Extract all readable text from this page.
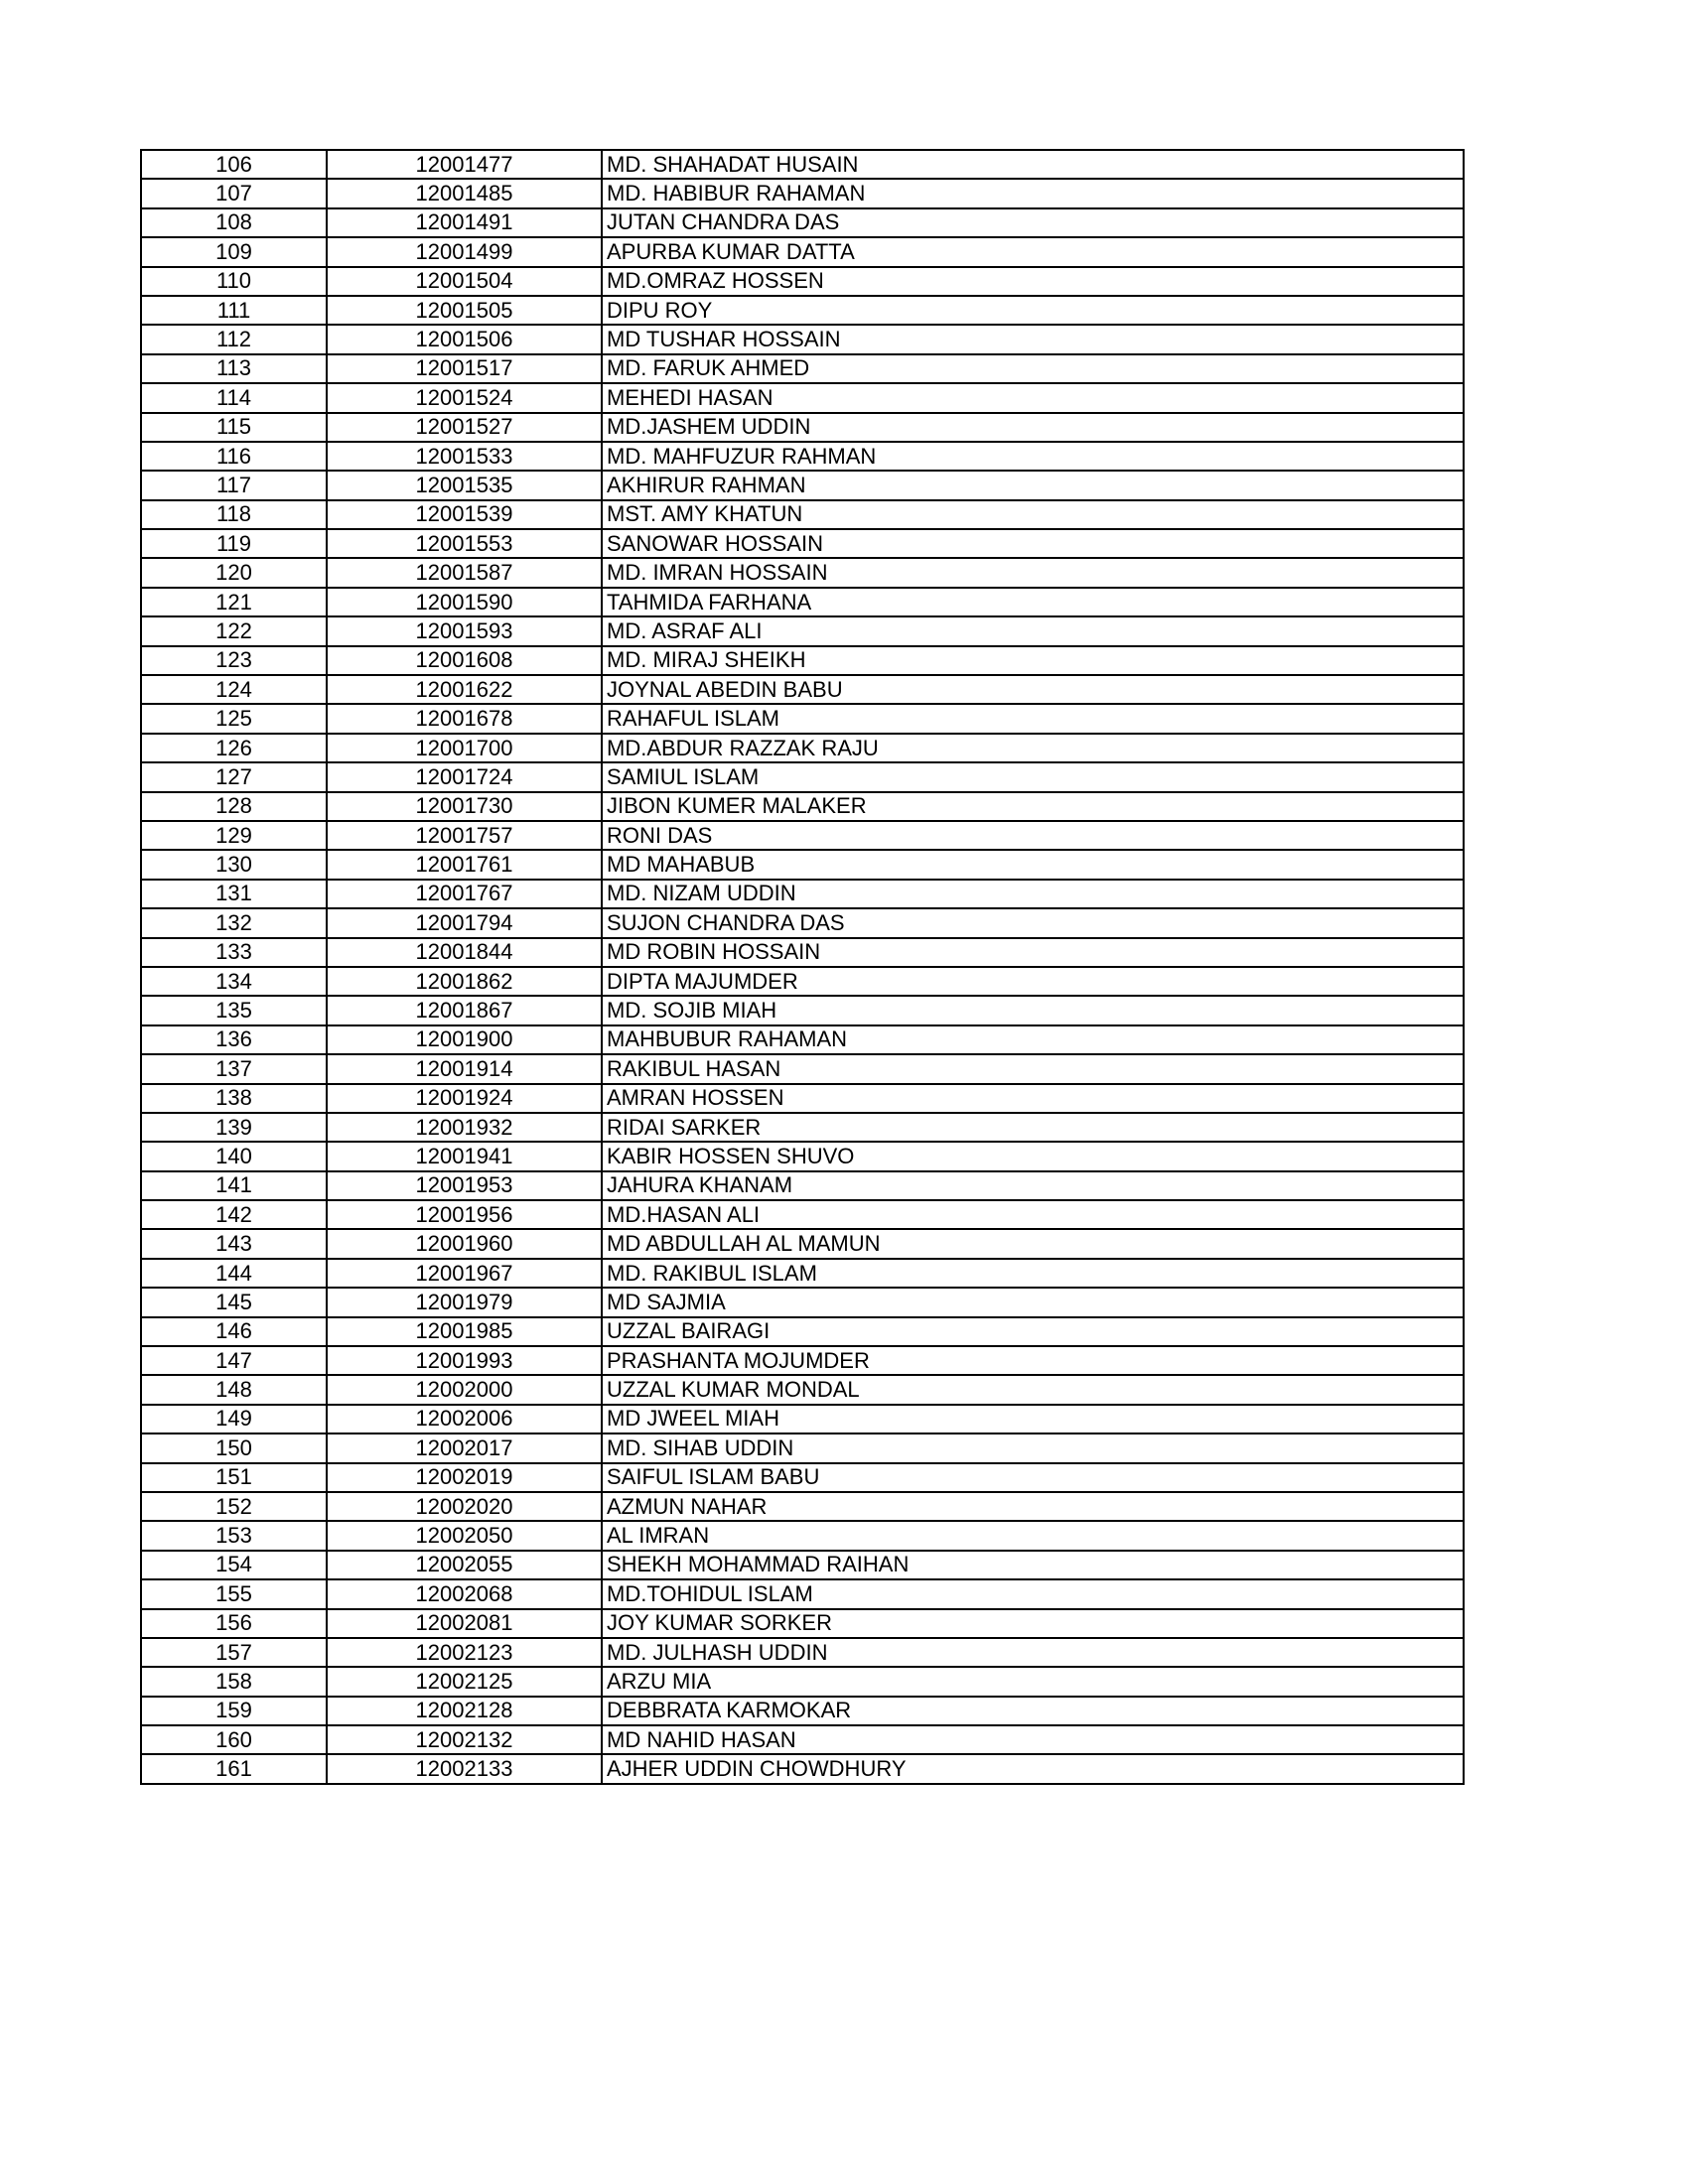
106	12001477	MD. SHAHADAT HUSAIN
107	12001485	MD. HABIBUR RAHAMAN
108	12001491	JUTAN CHANDRA DAS
109	12001499	APURBA KUMAR DATTA
110	12001504	MD.OMRAZ HOSSEN
111	12001505	DIPU ROY
112	12001506	MD TUSHAR HOSSAIN
113	12001517	MD. FARUK AHMED
114	12001524	MEHEDI HASAN
115	12001527	MD.JASHEM UDDIN
116	12001533	MD. MAHFUZUR RAHMAN
117	12001535	AKHIRUR RAHMAN
118	12001539	MST. AMY KHATUN
119	12001553	SANOWAR HOSSAIN
120	12001587	MD. IMRAN HOSSAIN
121	12001590	TAHMIDA FARHANA
122	12001593	MD. ASRAF ALI
123	12001608	MD. MIRAJ SHEIKH
124	12001622	JOYNAL ABEDIN BABU
125	12001678	RAHAFUL ISLAM
126	12001700	MD.ABDUR RAZZAK RAJU
127	12001724	SAMIUL ISLAM
128	12001730	JIBON KUMER MALAKER
129	12001757	RONI DAS
130	12001761	MD MAHABUB
131	12001767	MD. NIZAM UDDIN
132	12001794	SUJON CHANDRA DAS
133	12001844	MD ROBIN HOSSAIN
134	12001862	DIPTA MAJUMDER
135	12001867	MD. SOJIB MIAH
136	12001900	MAHBUBUR RAHAMAN
137	12001914	RAKIBUL HASAN
138	12001924	AMRAN HOSSEN
139	12001932	RIDAI SARKER
140	12001941	KABIR HOSSEN SHUVO
141	12001953	JAHURA KHANAM
142	12001956	MD.HASAN ALI
143	12001960	MD ABDULLAH AL MAMUN
144	12001967	MD. RAKIBUL ISLAM
145	12001979	MD SAJMIA
146	12001985	UZZAL BAIRAGI
147	12001993	PRASHANTA MOJUMDER
148	12002000	UZZAL KUMAR MONDAL
149	12002006	MD JWEEL MIAH
150	12002017	MD. SIHAB UDDIN
151	12002019	SAIFUL ISLAM BABU
152	12002020	AZMUN NAHAR
153	12002050	AL IMRAN
154	12002055	SHEKH MOHAMMAD RAIHAN
155	12002068	MD.TOHIDUL ISLAM
156	12002081	JOY KUMAR SORKER
157	12002123	MD. JULHASH UDDIN
158	12002125	ARZU MIA
159	12002128	DEBBRATA KARMOKAR
160	12002132	MD NAHID HASAN
161	12002133	AJHER UDDIN CHOWDHURY
